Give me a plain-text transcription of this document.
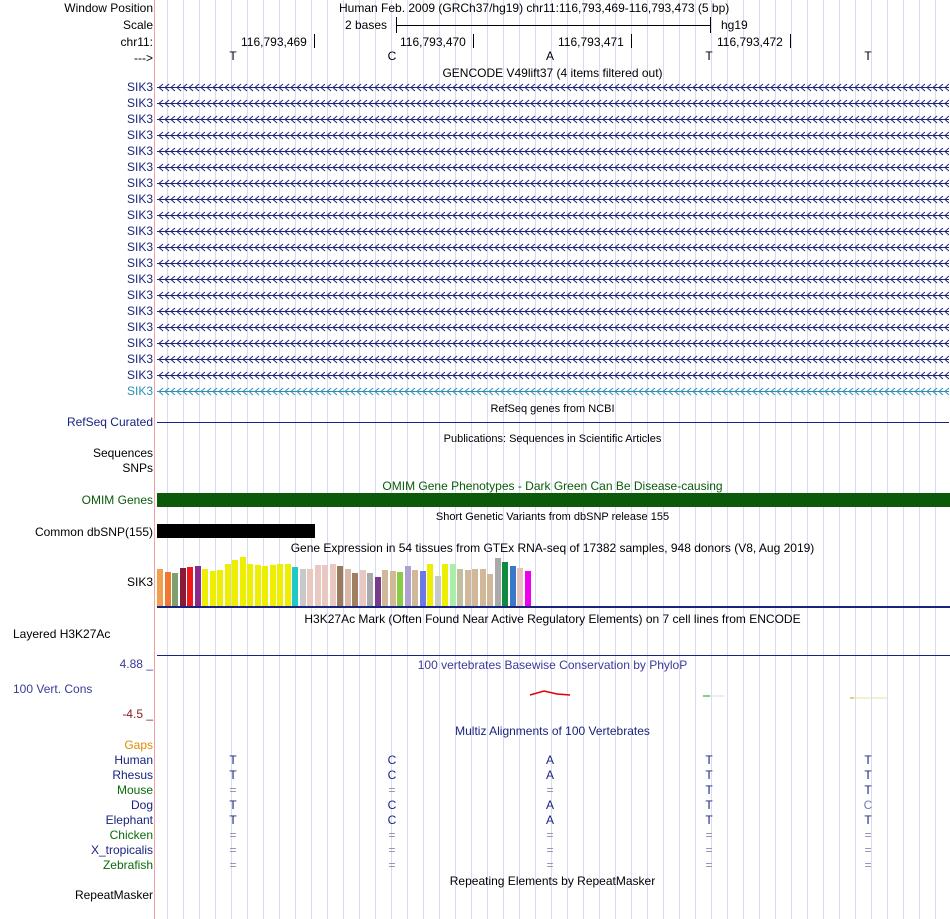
Window Position	Human Feb. 2009 (GRCh37/hg19) chr11:116,793,469-116,793,473 (5 bp)
Scale	2 bases	hg19
chr11:	116,793,469	116,793,470	116,793,471	116,793,472
--->	T	C	A	T	T
GENCODE V49lift37 (4 items filtered out)
SIK3
SIK3
SIK3
SIK3
SIK3
SIK3
SIK3
SIK3
SIK3
SIK3
SIK3
SIK3
SIK3
SIK3
SIK3
SIK3
SIK3
SIK3
SIK3
SIK3
RefSeq genes from NCBI
RefSeq Curated
Publications: Sequences in Scientific Articles
Sequences
SNPs
OMIM Gene Phenotypes - Dark Green Can Be Disease-causing
OMIM Genes
Short Genetic Variants from dbSNP release 155
Common dbSNP(155)
Gene Expression in 54 tissues from GTEx RNA-seq of 17382 samples, 948 donors (V8, Aug 2019)
SIK3
H3K27Ac Mark (Often Found Near Active Regulatory Elements) on 7 cell lines from ENCODE
Layered H3K27Ac
4.88 _	100 vertebrates Basewise Conservation by PhyloP
100 Vert. Cons
-4.5 _
Multiz Alignments of 100 Vertebrates
Gaps
Human	T	C	A	T	T
Rhesus	T	C	A	T	T
Mouse	=	=	=	T	T
Dog	T	C	A	T	C
Elephant	T	C	A	T	T
Chicken	=	=	=	=	=
X_tropicalis	=	=	=	=	=
Zebrafish	=	=	=	=	=
Repeating Elements by RepeatMasker
RepeatMasker
